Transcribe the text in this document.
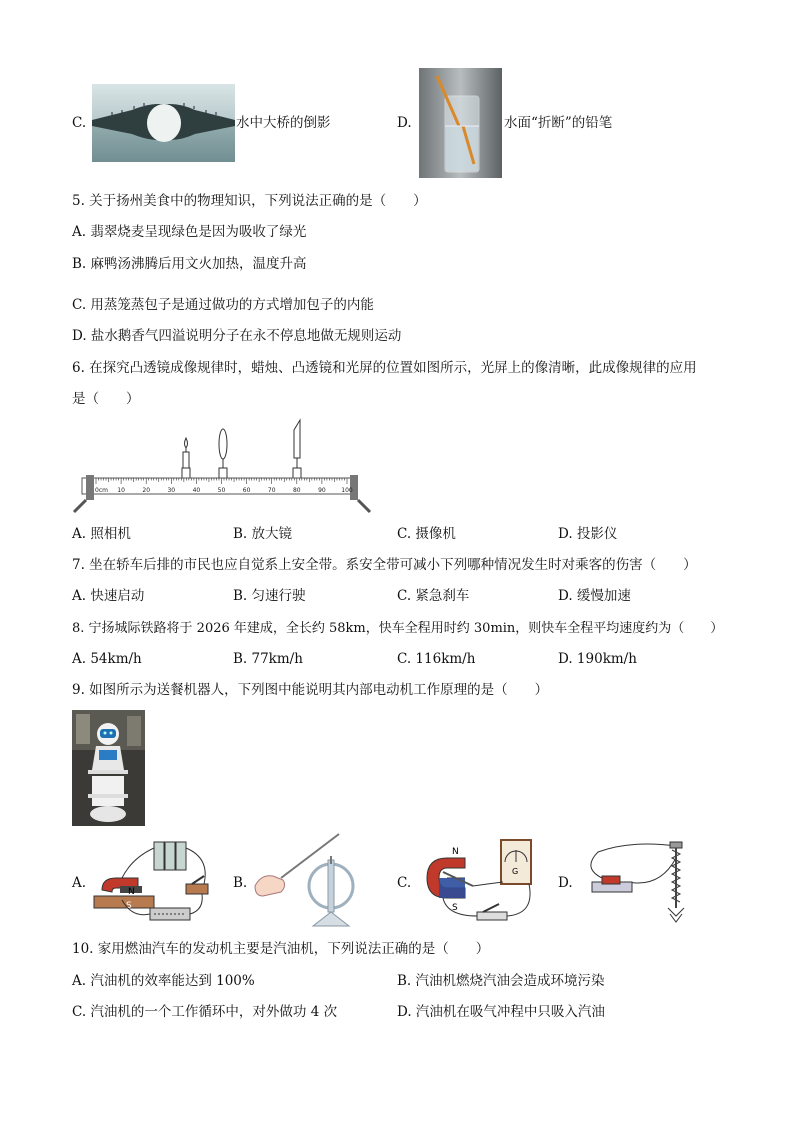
C.	水中大桥的倒影	D.	水面“折断”的铅笔
5. 关于扬州美食中的物理知识，下列说法正确的是（　　）
A. 翡翠烧麦呈现绿色是因为吸收了绿光
B. 麻鸭汤沸腾后用文火加热，温度升高
C. 用蒸笼蒸包子是通过做功的方式增加包子的内能
D. 盐水鹅香气四溢说明分子在永不停息地做无规则运动
6. 在探究凸透镜成像规律时，蜡烛、凸透镜和光屏的位置如图所示，光屏上的像清晰，此成像规律的应用
是（　　）
0cm 10	20	30	40	50	60	70	80	90	100
A. 照相机	B. 放大镜	C. 摄像机	D. 投影仪
7. 坐在轿车后排的市民也应自觉系上安全带。系安全带可减小下列哪种情况发生时对乘客的伤害（　　）
A. 快速启动	B. 匀速行驶	C. 紧急刹车	D. 缓慢加速
8. 宁扬城际铁路将于 2026 年建成，全长约 58km，快车全程用时约 30min，则快车全程平均速度约为（　　）
A. 54km/h	B. 77km/h	C. 116km/h	D. 190km/h
9. 如图所示为送餐机器人，下列图中能说明其内部电动机工作原理的是（　　）
A.
N
S
B.	C.
N
S
G
D.
10. 家用燃油汽车的发动机主要是汽油机，下列说法正确的是（　　）
A. 汽油机的效率能达到 100%	B. 汽油机燃烧汽油会造成环境污染
C. 汽油机的一个工作循环中，对外做功 4 次	D. 汽油机在吸气冲程中只吸入汽油
